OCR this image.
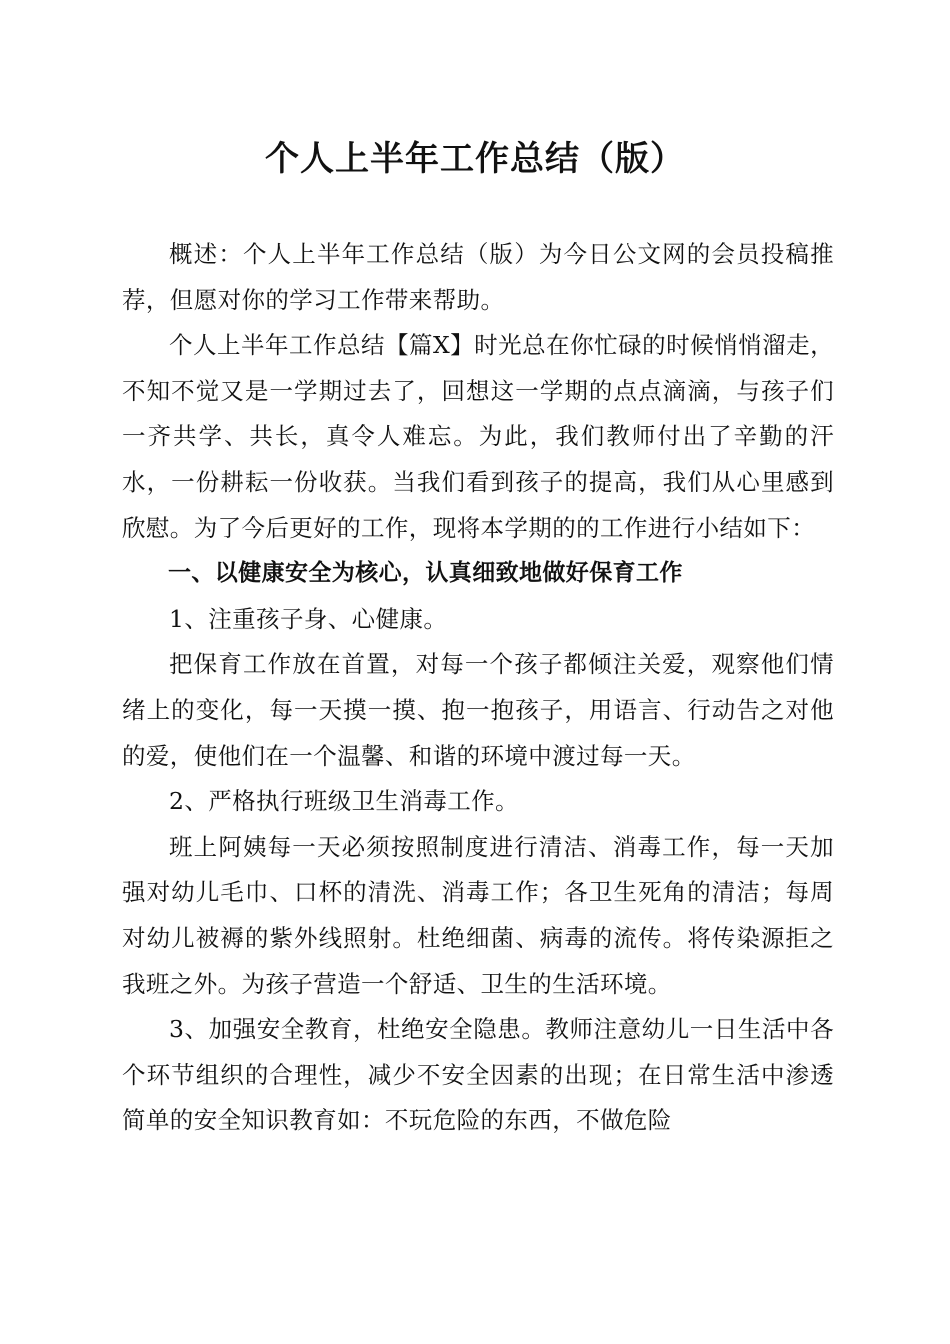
个人上半年工作总结（版）

概述：个人上半年工作总结（版）为今日公文网的会员投稿推荐，但愿对你的学习工作带来帮助。

个人上半年工作总结【篇X】时光总在你忙碌的时候悄悄溜走，不知不觉又是一学期过去了，回想这一学期的点点滴滴，与孩子们一齐共学、共长，真令人难忘。为此，我们教师付出了辛勤的汗水，一份耕耘一份收获。当我们看到孩子的提高，我们从心里感到欣慰。为了今后更好的工作，现将本学期的的工作进行小结如下：

一、以健康安全为核心，认真细致地做好保育工作

1、注重孩子身、心健康。

把保育工作放在首置，对每一个孩子都倾注关爱，观察他们情绪上的变化，每一天摸一摸、抱一抱孩子，用语言、行动告之对他的爱，使他们在一个温馨、和谐的环境中渡过每一天。

2、严格执行班级卫生消毒工作。

班上阿姨每一天必须按照制度进行清洁、消毒工作，每一天加强对幼儿毛巾、口杯的清洗、消毒工作；各卫生死角的清洁；每周对幼儿被褥的紫外线照射。杜绝细菌、病毒的流传。将传染源拒之我班之外。为孩子营造一个舒适、卫生的生活环境。

3、加强安全教育，杜绝安全隐患。教师注意幼儿一日生活中各个环节组织的合理性，减少不安全因素的出现；在日常生活中渗透简单的安全知识教育如：不玩危险的东西，不做危险
